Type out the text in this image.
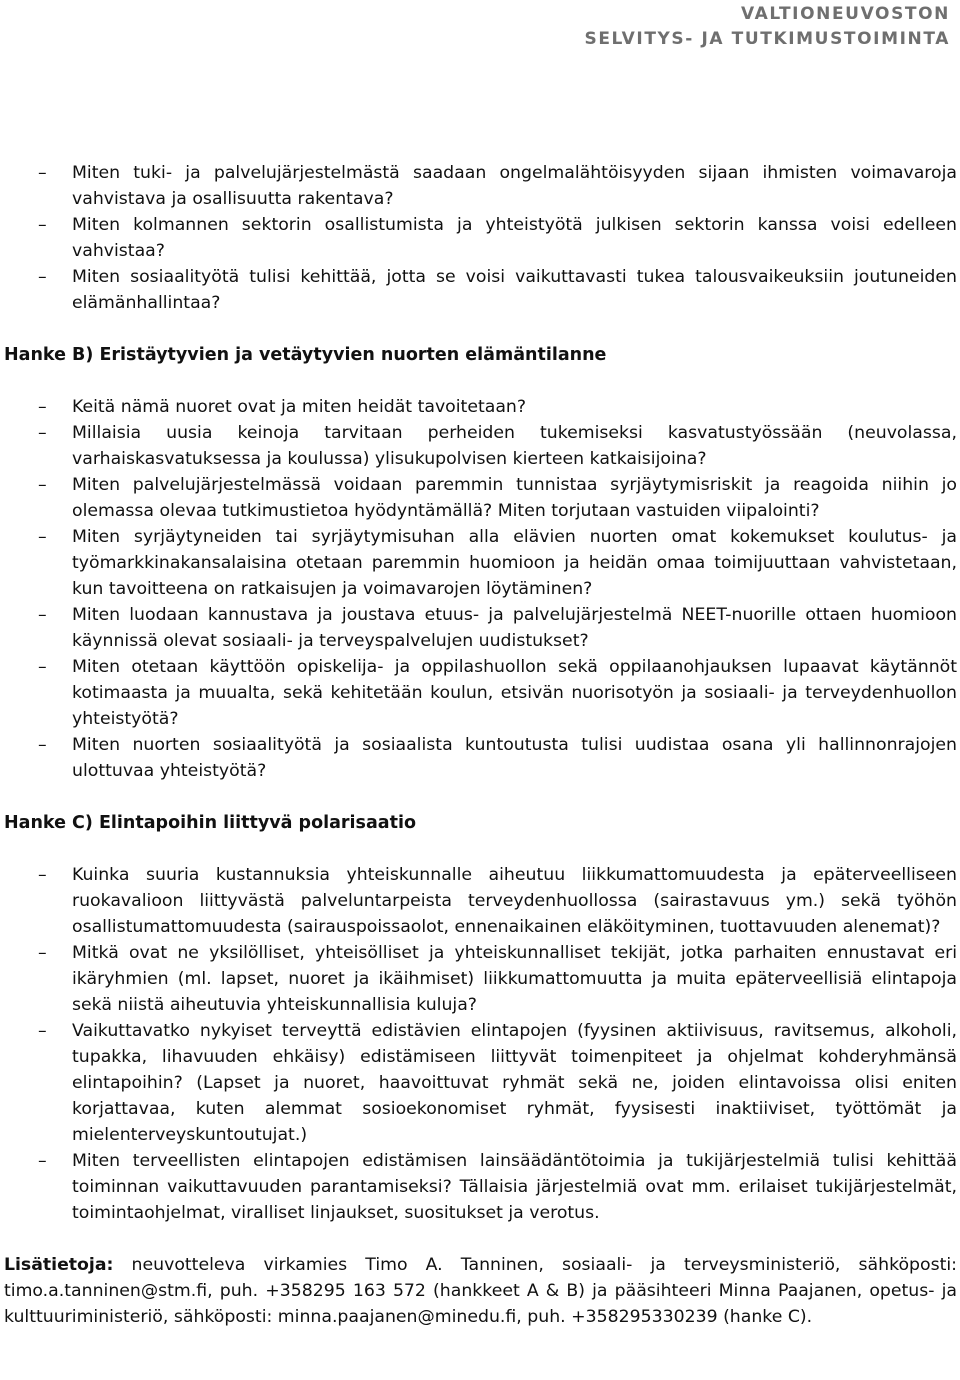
VALTIONEUVOSTON
SELVITYS- JA TUTKIMUSTOIMINTA
– Miten tuki- ja palvelujärjestelmästä saadaan ongelmalähtöisyyden sijaan ihmisten voimavaroja vahvistava ja osallisuutta rakentava?
– Miten kolmannen sektorin osallistumista ja yhteistyötä julkisen sektorin kanssa voisi edelleen vahvistaa?
– Miten sosiaalityötä tulisi kehittää, jotta se voisi vaikuttavasti tukea talousvaikeuksiin joutuneiden elämänhallintaa?
Hanke B) Eristäytyvien ja vetäytyvien nuorten elämäntilanne
– Keitä nämä nuoret ovat ja miten heidät tavoitetaan?
– Millaisia uusia keinoja tarvitaan perheiden tukemiseksi kasvatustyössään (neuvolassa, varhaiskasvatuksessa ja koulussa) ylisukupolvisen kierteen katkaisijoina?
– Miten palvelujärjestelmässä voidaan paremmin tunnistaa syrjäytymisriskit ja reagoida niihin jo olemassa olevaa tutkimustietoa hyödyntämällä? Miten torjutaan vastuiden viipalointi?
– Miten syrjäytyneiden tai syrjäytymisuhan alla elävien nuorten omat kokemukset koulutus- ja työmarkkinakansalaisina otetaan paremmin huomioon ja heidän omaa toimijuuttaan vahvistetaan, kun tavoitteena on ratkaisujen ja voimavarojen löytäminen?
– Miten luodaan kannustava ja joustava etuus- ja palvelujärjestelmä NEET-nuorille ottaen huomioon käynnissä olevat sosiaali- ja terveyspalvelujen uudistukset?
– Miten otetaan käyttöön opiskelija- ja oppilashuollon sekä oppilaanohjauksen lupaavat käytännöt kotimaasta ja muualta, sekä kehitetään koulun, etsivän nuorisotyön ja sosiaali- ja terveydenhuollon yhteistyötä?
– Miten nuorten sosiaalityötä ja sosiaalista kuntoutusta tulisi uudistaa osana yli hallinnonrajojen ulottuvaa yhteistyötä?
Hanke C) Elintapoihin liittyvä polarisaatio
– Kuinka suuria kustannuksia yhteiskunnalle aiheutuu liikkumattomuudesta ja epäterveelliseen ruokavalioon liittyvästä palveluntarpeista terveydenhuollossa (sairastavuus ym.) sekä työhön osallistumattomuudesta (sairauspoissaolot, ennenaikainen eläköityminen, tuottavuuden alenemat)?
– Mitkä ovat ne yksilölliset, yhteisölliset ja yhteiskunnalliset tekijät, jotka parhaiten ennustavat eri ikäryhmien (ml. lapset, nuoret ja ikäihmiset) liikkumattomuutta ja muita epäterveellisiä elintapoja sekä niistä aiheutuvia yhteiskunnallisia kuluja?
– Vaikuttavatko nykyiset terveyttä edistävien elintapojen (fyysinen aktiivisuus, ravitsemus, alkoholi, tupakka, lihavuuden ehkäisy) edistämiseen liittyvät toimenpiteet ja ohjelmat kohderyhmänsä elintapoihin? (Lapset ja nuoret, haavoittuvat ryhmät sekä ne, joiden elintavoissa olisi eniten korjattavaa, kuten alemmat sosioekonomiset ryhmät, fyysisesti inaktiiviset, työttömät ja mielenterveyskuntoutujat.)
– Miten terveellisten elintapojen edistämisen lainsäädäntötoimia ja tukijärjestelmiä tulisi kehittää toiminnan vaikuttavuuden parantamiseksi? Tällaisia järjestelmiä ovat mm. erilaiset tukijärjestelmät, toimintaohjelmat, viralliset linjaukset, suositukset ja verotus.

Lisätietoja: neuvotteleva virkamies Timo A. Tanninen, sosiaali- ja terveysministeriö, sähköposti: timo.a.tanninen@stm.fi, puh. +358295 163 572 (hankkeet A & B) ja pääsihteeri Minna Paajanen, opetus- ja kulttuuriministeriö, sähköposti: minna.paajanen@minedu.fi, puh. +358295330239 (hanke C).
